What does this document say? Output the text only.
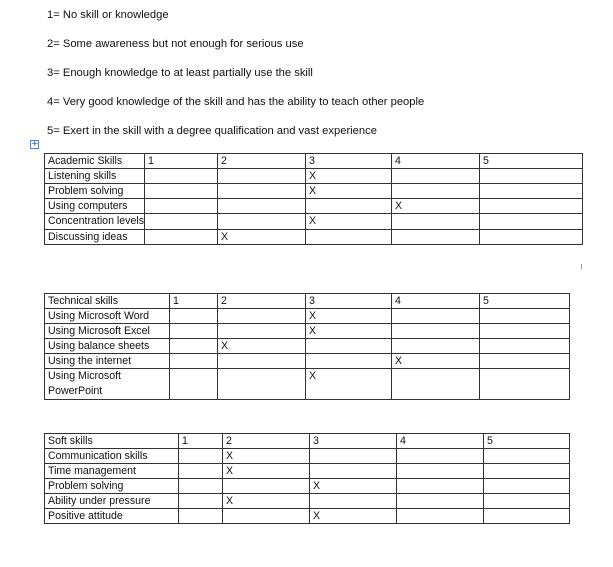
1= No skill or knowledge
2= Some awareness but not enough for serious use
3= Enough knowledge to at least partially use the skill
4= Very good knowledge of the skill and has the ability to teach other people
5= Exert in the skill with a degree qualification and vast experience
+
Academic Skills	1	2	3	4	5
Listening skills			X		
Problem solving			X		
Using computers				X	
Concentration levels			X		
Discussing ideas		X			
Technical skills	1	2	3	4	5
Using Microsoft Word			X		
Using Microsoft Excel			X		
Using balance sheets		X			
Using the internet				X	
Using Microsoft PowerPoint			X		
Soft skills	1	2	3	4	5
Communication skills		X			
Time management		X			
Problem solving			X		
Ability under pressure		X			
Positive attitude			X		
